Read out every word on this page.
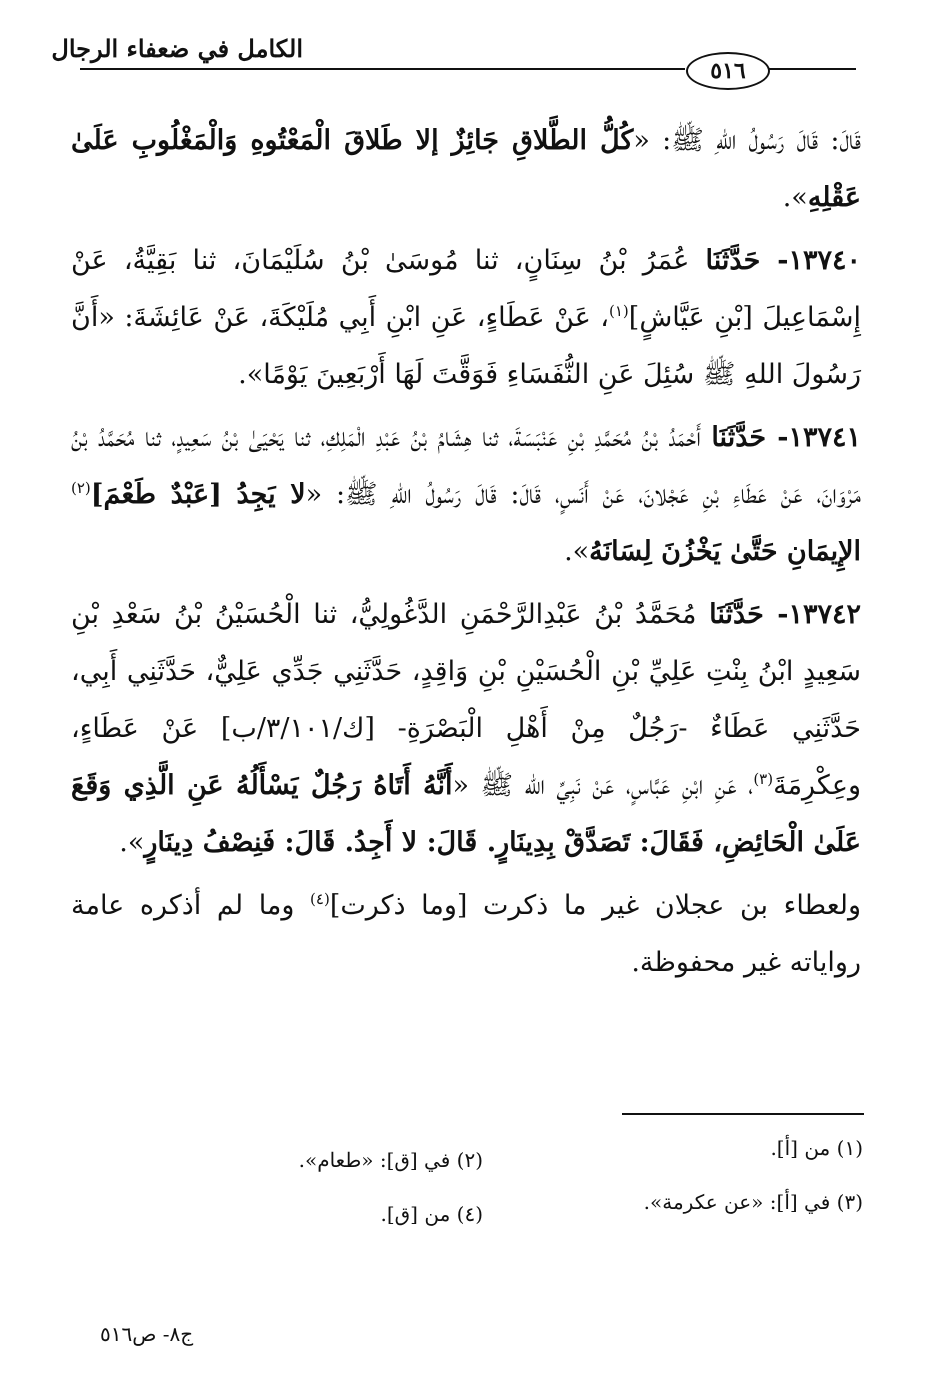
الكامل في ضعفاء الرجال
٥١٦

قَالَ: قَالَ رَسُولُ اللهِ ﷺ: «كُلُّ الطَّلاقِ جَائِزٌ إلا طَلاقَ الْمَعْتُوهِ وَالْمَغْلُوبِ عَلَىٰ عَقْلِهِ».

١٣٧٤٠- حَدَّثَنَا عُمَرُ بْنُ سِنَانٍ، ثنا مُوسَىٰ بْنُ سُلَيْمَانَ، ثنا بَقِيَّةُ، عَنْ إِسْمَاعِيلَ [بْنِ عَيَّاشٍ]$^{(١)}$، عَنْ عَطَاءٍ، عَنِ ابْنِ أَبِي مُلَيْكَةَ، عَنْ عَائِشَةَ: «أَنَّ رَسُولَ اللهِ ﷺ سُئِلَ عَنِ النُّفَسَاءِ فَوَقَّتَ لَهَا أَرْبَعِينَ يَوْمًا».

١٣٧٤١- حَدَّثَنَا أَحْمَدُ بْنُ مُحَمَّدِ بْنِ عَنْبَسَةَ، ثنا هِشَامُ بْنُ عَبْدِ الْمَلِكِ، ثنا يَحْيَىٰ بْنُ سَعِيدٍ، ثنا مُحَمَّدُ بْنُ مَرْوَانَ، عَنْ عَطَاءِ بْنِ عَجْلانَ، عَنْ أَنَسٍ، قَالَ: قَالَ رَسُولُ اللهِ ﷺ: «لا يَجِدُ [عَبْدٌ طَعْمَ]$^{(٢)}$ الإِيمَانِ حَتَّىٰ يَخْزُنَ لِسَانَهُ».

١٣٧٤٢- حَدَّثَنَا مُحَمَّدُ بْنُ عَبْدِالرَّحْمَنِ الدَّغُولِيُّ، ثنا الْحُسَيْنُ بْنُ سَعْدِ بْنِ سَعِيدٍ ابْنُ بِنْتِ عَلِيِّ بْنِ الْحُسَيْنِ بْنِ وَاقِدٍ، حَدَّثَنِي جَدِّي عَلِيٌّ، حَدَّثَنِي أَبِي، حَدَّثَنِي عَطَاءٌ -رَجُلٌ مِنْ أَهْلِ الْبَصْرَةِ- [ك/٣/١٠١/ب] عَنْ عَطَاءٍ، وعِكْرِمَةَ$^{(٣)}$، عَنِ ابْنِ عَبَّاسٍ، عَنْ نَبِيِّ الله ﷺ «أَنَّهُ أَتَاهُ رَجُلٌ يَسْأَلُهُ عَنِ الَّذِي وَقَعَ عَلَىٰ الْحَائِضِ، فَقَالَ: تَصَدَّقْ بِدِينَارٍ. قَالَ: لا أَجِدُ. قَالَ: فَنِصْفُ دِينَارٍ».

ولعطاء بن عجلان غير ما ذكرت [وما ذكرت]$^{(٤)}$ وما لم أذكره عامة رواياته غير محفوظة.

(١) من [أ].
(٢) في [ق]: «طعام».
(٣) في [أ]: «عن عكرمة».
(٤) من [ق].
ج٨- ص٥١٦
